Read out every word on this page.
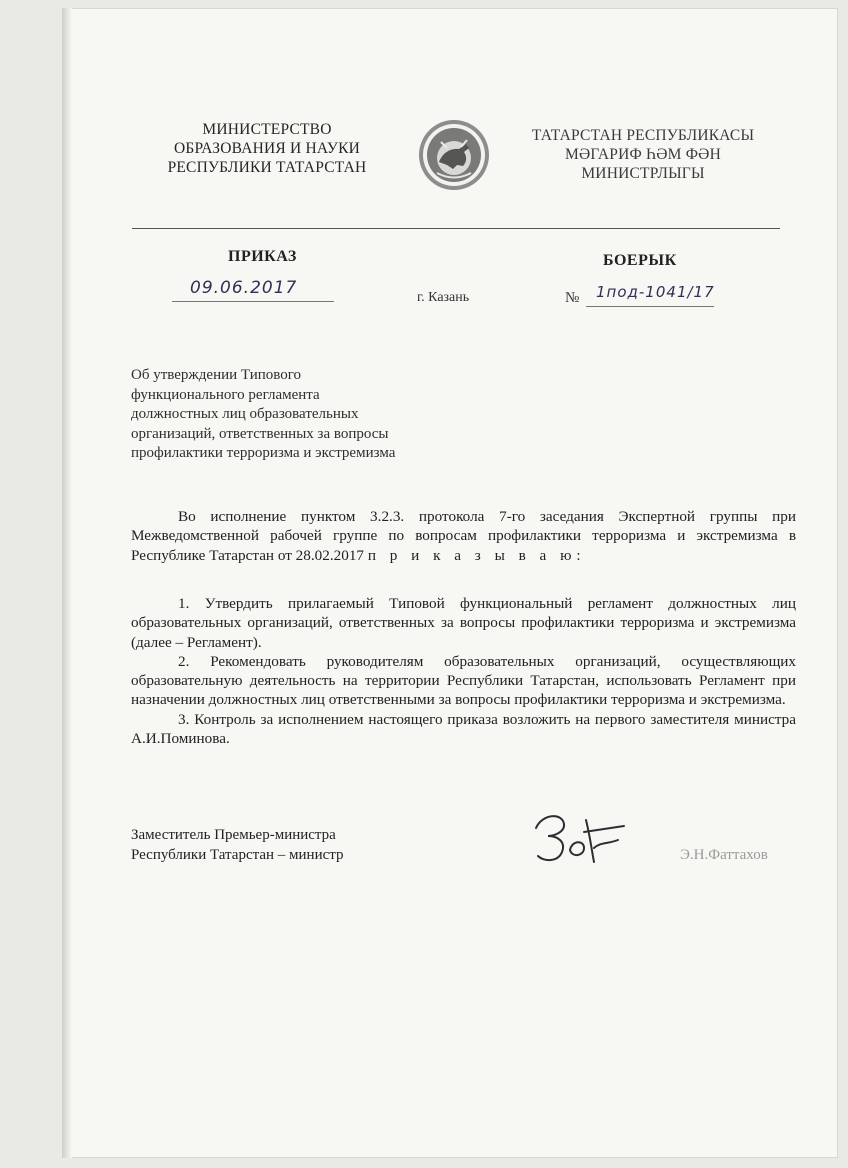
МИНИСТЕРСТВО
ОБРАЗОВАНИЯ И НАУКИ
РЕСПУБЛИКИ ТАТАРСТАН
ТАТАРСТАН РЕСПУБЛИКАСЫ
МӘГАРИФ ҺӘМ ФӘН
МИНИСТРЛЫГЫ
ПРИКАЗ	БОЕРЫК
09.06.2017	г. Казань	№ 1под-1041/17

Об утверждении Типового

функционального регламента

должностных лиц образовательных

организаций, ответственных за вопросы

профилактики терроризма и экстремизма

Во исполнение пунктом 3.2.3. протокола 7-го заседания Экспертной группы при Межведомственной рабочей группе по вопросам профилактики терроризма и экстремизма в Республике Татарстан от 28.02.2017 п р и к а з ы в а ю:

1. Утвердить прилагаемый Типовой функциональный регламент должностных лиц образовательных организаций, ответственных за вопросы профилактики терроризма и экстремизма (далее – Регламент).

2. Рекомендовать руководителям образовательных организаций, осуществляющих образовательную деятельность на территории Республики Татарстан, использовать Регламент при назначении должностных лиц ответственными за вопросы профилактики терроризма и экстремизма.

3. Контроль за исполнением настоящего приказа возложить на первого заместителя министра А.И.Поминова.

Заместитель Премьер-министра
Республики Татарстан – министр	Э.Н.Фаттахов
